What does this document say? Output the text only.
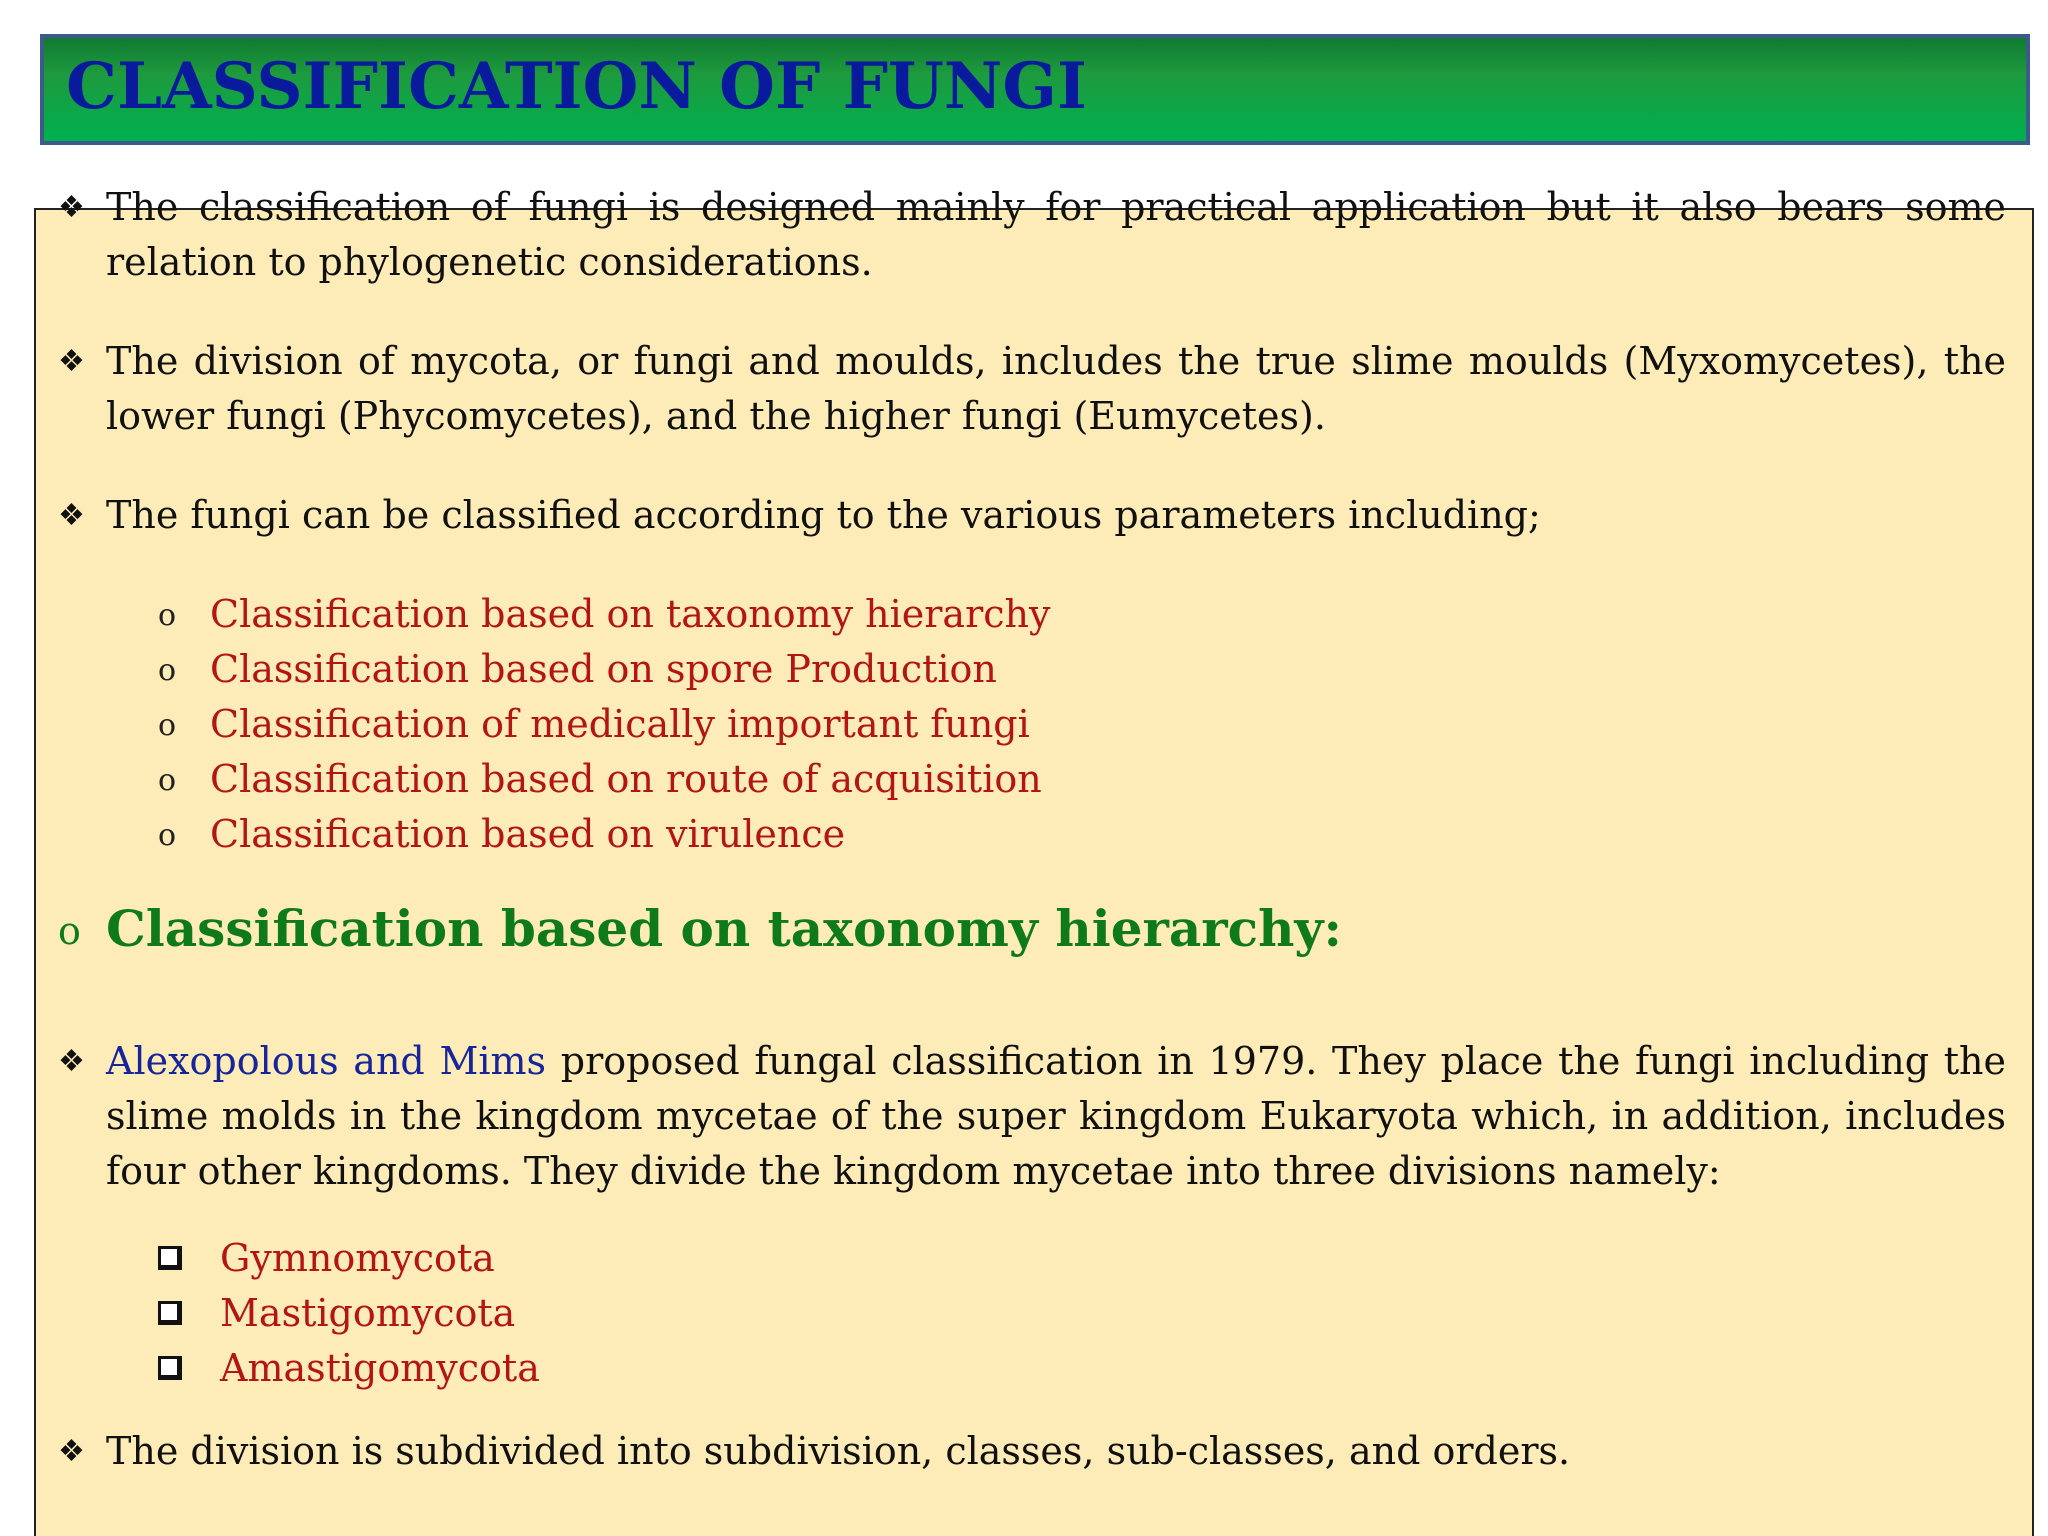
CLASSIFICATION OF FUNGI

❖ The classification of fungi is designed mainly for practical application but it also bears some relation to phylogenetic considerations.

❖ The division of mycota, or fungi and moulds, includes the true slime moulds (Myxomycetes), the lower fungi (Phycomycetes), and the higher fungi (Eumycetes).

❖ The fungi can be classified according to the various parameters including;

o Classification based on taxonomy hierarchy
o Classification based on spore Production
o Classification of medically important fungi
o Classification based on route of acquisition
o Classification based on virulence
o Classification based on taxonomy hierarchy:

❖ Alexopolous and Mims proposed fungal classification in 1979. They place the fungi including the slime molds in the kingdom mycetae of the super kingdom Eukaryota which, in addition, includes four other kingdoms. They divide the kingdom mycetae into three divisions namely:

Gymnomycota
Mastigomycota
Amastigomycota

❖ The division is subdivided into subdivision, classes, sub-classes, and orders.
